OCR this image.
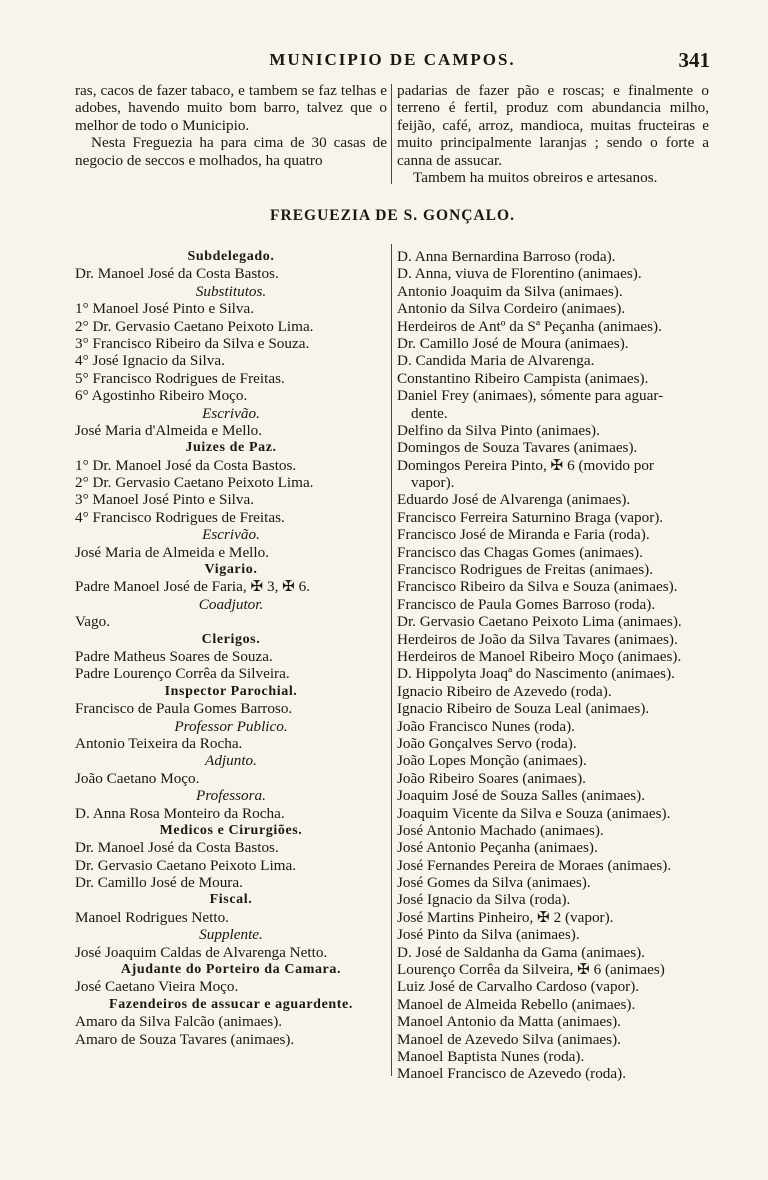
MUNICIPIO DE CAMPOS.	341
ras, cacos de fazer tabaco, e tambem se faz telhas e adobes, havendo muito bom barro, talvez que o melhor de todo o Municipio.
Nesta Freguezia ha para cima de 30 casas de negocio de seccos e molhados, ha quatro
padarias de fazer pão e roscas; e finalmente o terreno é fertil, produz com abundancia milho, feijão, café, arroz, mandioca, muitas fructeiras e muito principalmente laranjas ; sendo o forte a canna de assucar.
Tambem ha muitos obreiros e artesanos.
FREGUEZIA DE S. GONÇALO.
Subdelegado.
Dr. Manoel José da Costa Bastos.
Substitutos.
1° Manoel José Pinto e Silva.
2° Dr. Gervasio Caetano Peixoto Lima.
3° Francisco Ribeiro da Silva e Souza.
4° José Ignacio da Silva.
5° Francisco Rodrigues de Freitas.
6° Agostinho Ribeiro Moço.
Escrivão.
José Maria d'Almeida e Mello.
Juizes de Paz.
1° Dr. Manoel José da Costa Bastos.
2° Dr. Gervasio Caetano Peixoto Lima.
3° Manoel José Pinto e Silva.
4° Francisco Rodrigues de Freitas.
Escrivão.
José Maria de Almeida e Mello.
Vigario.
Padre Manoel José de Faria, ✠ 3, ✠ 6.
Coadjutor.
Vago.
Clerigos.
Padre Matheus Soares de Souza.
Padre Lourenço Corrêa da Silveira.
Inspector Parochial.
Francisco de Paula Gomes Barroso.
Professor Publico.
Antonio Teixeira da Rocha.
Adjunto.
João Caetano Moço.
Professora.
D. Anna Rosa Monteiro da Rocha.
Medicos e Cirurgiões.
Dr. Manoel José da Costa Bastos.
Dr. Gervasio Caetano Peixoto Lima.
Dr. Camillo José de Moura.
Fiscal.
Manoel Rodrigues Netto.
Supplente.
José Joaquim Caldas de Alvarenga Netto.
Ajudante do Porteiro da Camara.
José Caetano Vieira Moço.
Fazendeiros de assucar e aguardente.
Amaro da Silva Falcão (animaes).
Amaro de Souza Tavares (animaes).
D. Anna Bernardina Barroso (roda).
D. Anna, viuva de Florentino (animaes).
Antonio Joaquim da Silva (animaes).
Antonio da Silva Cordeiro (animaes).
Herdeiros de Antº da Sª Peçanha (animaes).
Dr. Camillo José de Moura (animaes).
D. Candida Maria de Alvarenga.
Constantino Ribeiro Campista (animaes).
Daniel Frey (animaes), sómente para aguar-
dente.
Delfino da Silva Pinto (animaes).
Domingos de Souza Tavares (animaes).
Domingos Pereira Pinto, ✠ 6 (movido por
vapor).
Eduardo José de Alvarenga (animaes).
Francisco Ferreira Saturnino Braga (vapor).
Francisco José de Miranda e Faria (roda).
Francisco das Chagas Gomes (animaes).
Francisco Rodrigues de Freitas (animaes).
Francisco Ribeiro da Silva e Souza (animaes).
Francisco de Paula Gomes Barroso (roda).
Dr. Gervasio Caetano Peixoto Lima (animaes).
Herdeiros de João da Silva Tavares (animaes).
Herdeiros de Manoel Ribeiro Moço (animaes).
D. Hippolyta Joaqª do Nascimento (animaes).
Ignacio Ribeiro de Azevedo (roda).
Ignacio Ribeiro de Souza Leal (animaes).
João Francisco Nunes (roda).
João Gonçalves Servo (roda).
João Lopes Monção (animaes).
João Ribeiro Soares (animaes).
Joaquim José de Souza Salles (animaes).
Joaquim Vicente da Silva e Souza (animaes).
José Antonio Machado (animaes).
José Antonio Peçanha (animaes).
José Fernandes Pereira de Moraes (animaes).
José Gomes da Silva (animaes).
José Ignacio da Silva (roda).
José Martins Pinheiro, ✠ 2 (vapor).
José Pinto da Silva (animaes).
D. José de Saldanha da Gama (animaes).
Lourenço Corrêa da Silveira, ✠ 6 (animaes)
Luiz José de Carvalho Cardoso (vapor).
Manoel de Almeida Rebello (animaes).
Manoel Antonio da Matta (animaes).
Manoel de Azevedo Silva (animaes).
Manoel Baptista Nunes (roda).
Manoel Francisco de Azevedo (roda).
